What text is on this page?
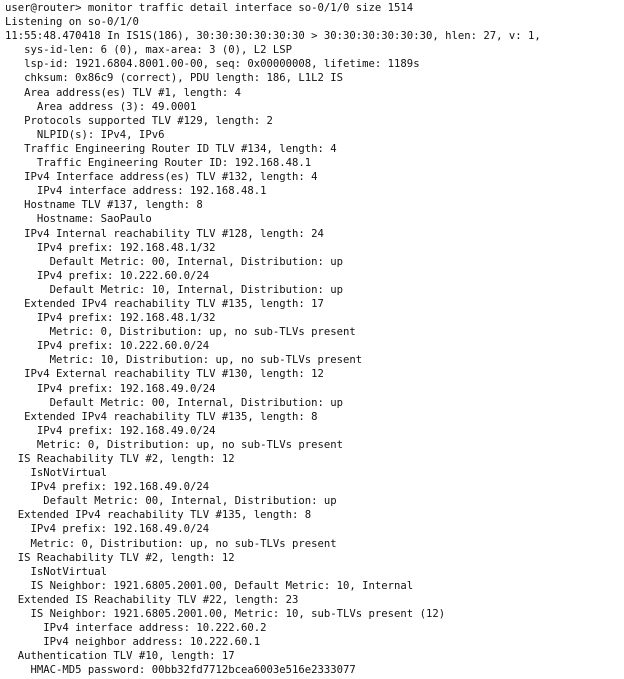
user@router> monitor traffic detail interface so-0/1/0 size 1514
Listening on so-0/1/0
11:55:48.470418 In IS1S(186), 30:30:30:30:30:30 > 30:30:30:30:30:30, hlen: 27, v: 1,
sys-id-len: 6 (0), max-area: 3 (0), L2 LSP
lsp-id: 1921.6804.8001.00-00, seq: 0x00000008, lifetime: 1189s
chksum: 0x86c9 (correct), PDU length: 186, L1L2 IS
Area address(es) TLV #1, length: 4
Area address (3): 49.0001
Protocols supported TLV #129, length: 2
NLPID(s): IPv4, IPv6
Traffic Engineering Router ID TLV #134, length: 4
Traffic Engineering Router ID: 192.168.48.1
IPv4 Interface address(es) TLV #132, length: 4
IPv4 interface address: 192.168.48.1
Hostname TLV #137, length: 8
Hostname: SaoPaulo
IPv4 Internal reachability TLV #128, length: 24
IPv4 prefix: 192.168.48.1/32
Default Metric: 00, Internal, Distribution: up
IPv4 prefix: 10.222.60.0/24
Default Metric: 10, Internal, Distribution: up
Extended IPv4 reachability TLV #135, length: 17
IPv4 prefix: 192.168.48.1/32
Metric: 0, Distribution: up, no sub-TLVs present
IPv4 prefix: 10.222.60.0/24
Metric: 10, Distribution: up, no sub-TLVs present
IPv4 External reachability TLV #130, length: 12
IPv4 prefix: 192.168.49.0/24
Default Metric: 00, Internal, Distribution: up
Extended IPv4 reachability TLV #135, length: 8
IPv4 prefix: 192.168.49.0/24
Metric: 0, Distribution: up, no sub-TLVs present
IS Reachability TLV #2, length: 12
IsNotVirtual
IPv4 prefix: 192.168.49.0/24
Default Metric: 00, Internal, Distribution: up
Extended IPv4 reachability TLV #135, length: 8
IPv4 prefix: 192.168.49.0/24
Metric: 0, Distribution: up, no sub-TLVs present
IS Reachability TLV #2, length: 12
IsNotVirtual
IS Neighbor: 1921.6805.2001.00, Default Metric: 10, Internal
Extended IS Reachability TLV #22, length: 23
IS Neighbor: 1921.6805.2001.00, Metric: 10, sub-TLVs present (12)
IPv4 interface address: 10.222.60.2
IPv4 neighbor address: 10.222.60.1
Authentication TLV #10, length: 17
HMAC-MD5 password: 00bb32fd7712bcea6003e516e2333077
